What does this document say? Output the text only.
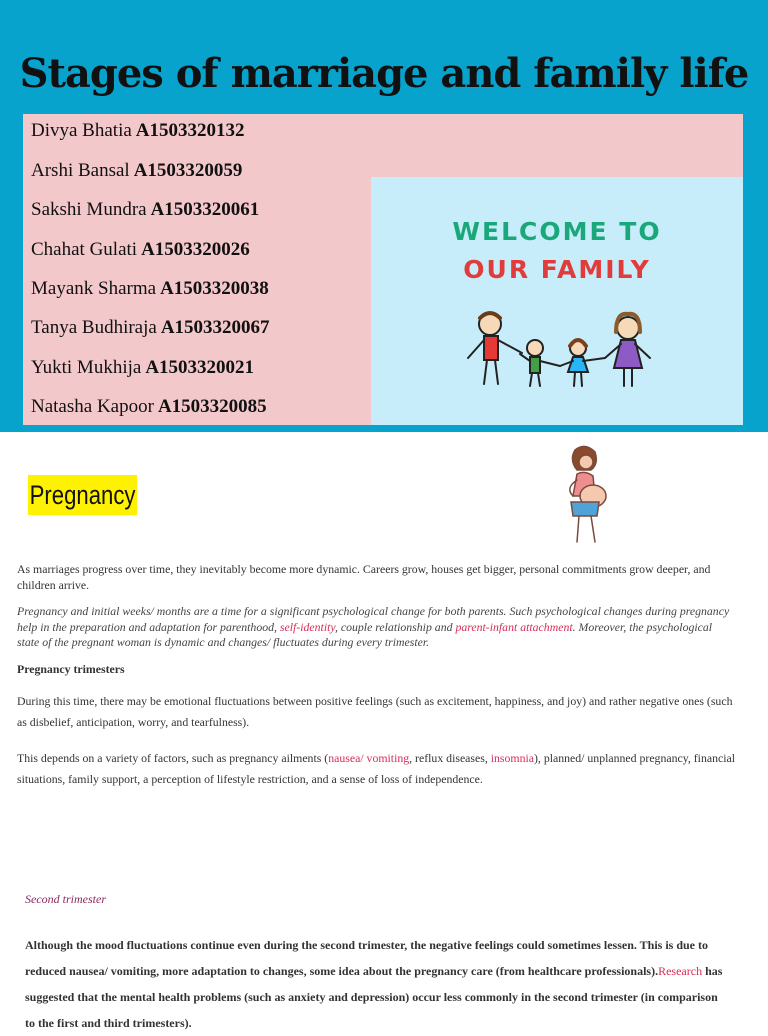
Stages of marriage and family life
Divya Bhatia A1503320132
Arshi Bansal A1503320059
Sakshi Mundra A1503320061
Chahat Gulati A1503320026
Mayank Sharma A1503320038
Tanya Budhiraja A1503320067
Yukti Mukhija A1503320021
Natasha Kapoor A1503320085
WELCOME TO
OUR FAMILY
Pregnancy

As marriages progress over time, they inevitably become more dynamic. Careers grow, houses get bigger, personal commitments grow deeper, and children arrive.

Pregnancy and initial weeks/ months are a time for a significant psychological change for both parents. Such psychological changes during pregnancy help in the preparation and adaptation for parenthood, self-identity, couple relationship and parent-infant attachment. Moreover, the psychological state of the pregnant woman is dynamic and changes/ fluctuates during every trimester.

Pregnancy trimesters

During this time, there may be emotional fluctuations between positive feelings (such as excitement, happiness, and joy) and rather negative ones (such as disbelief, anticipation, worry, and tearfulness).

This depends on a variety of factors, such as pregnancy ailments (nausea/ vomiting, reflux diseases, insomnia), planned/ unplanned pregnancy, financial situations, family support, a perception of lifestyle restriction, and a sense of loss of independence.

Second trimester

Although the mood fluctuations continue even during the second trimester, the negative feelings could sometimes lessen. This is due to reduced nausea/ vomiting, more adaptation to changes, some idea about the pregnancy care (from healthcare professionals).Research has suggested that the mental health problems (such as anxiety and depression) occur less commonly in the second trimester (in comparison to the first and third trimesters).
